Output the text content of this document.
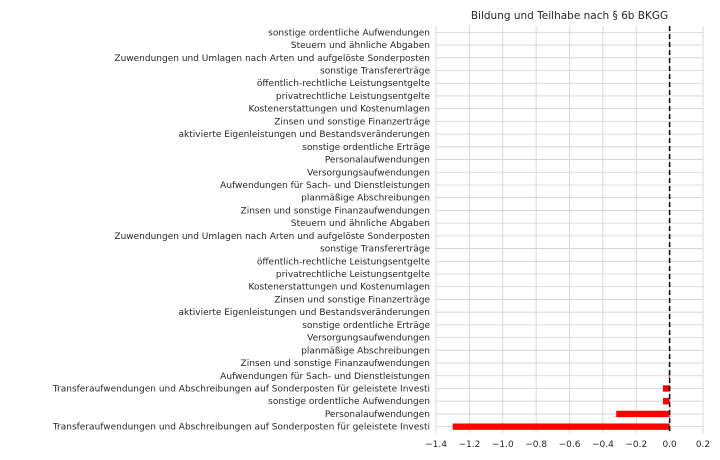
sonstige ordentliche Aufwendungen
Steuern und ähnliche Abgaben
Zuwendungen und Umlagen nach Arten und aufgelöste Sonderposten
sonstige Transfererträge
öffentlich-rechtliche Leistungsentgelte
privatrechtliche Leistungsentgelte
Kostenerstattungen und Kostenumlagen
Zinsen und sonstige Finanzerträge
aktivierte Eigenleistungen und Bestandsveränderungen
sonstige ordentliche Erträge
Personalaufwendungen
Versorgungsaufwendungen
Aufwendungen für Sach- und Dienstleistungen
planmäßige Abschreibungen
Zinsen und sonstige Finanzaufwendungen
Steuern und ähnliche Abgaben
Zuwendungen und Umlagen nach Arten und aufgelöste Sonderposten
sonstige Transfererträge
öffentlich-rechtliche Leistungsentgelte
privatrechtliche Leistungsentgelte
Kostenerstattungen und Kostenumlagen
Zinsen und sonstige Finanzerträge
aktivierte Eigenleistungen und Bestandsveränderungen
sonstige ordentliche Erträge
Versorgungsaufwendungen
planmäßige Abschreibungen
Zinsen und sonstige Finanzaufwendungen
Aufwendungen für Sach- und Dienstleistungen
Transferaufwendungen und Abschreibungen auf Sonderposten für geleistete Investi
sonstige ordentliche Aufwendungen
Personalaufwendungen
Transferaufwendungen und Abschreibungen auf Sonderposten für geleistete Investi
−1.4 −1.2 −1.0 −0.8 −0.6 −0.4 −0.2 0.0 0.2
Bildung und Teilhabe nach § 6b BKGG
